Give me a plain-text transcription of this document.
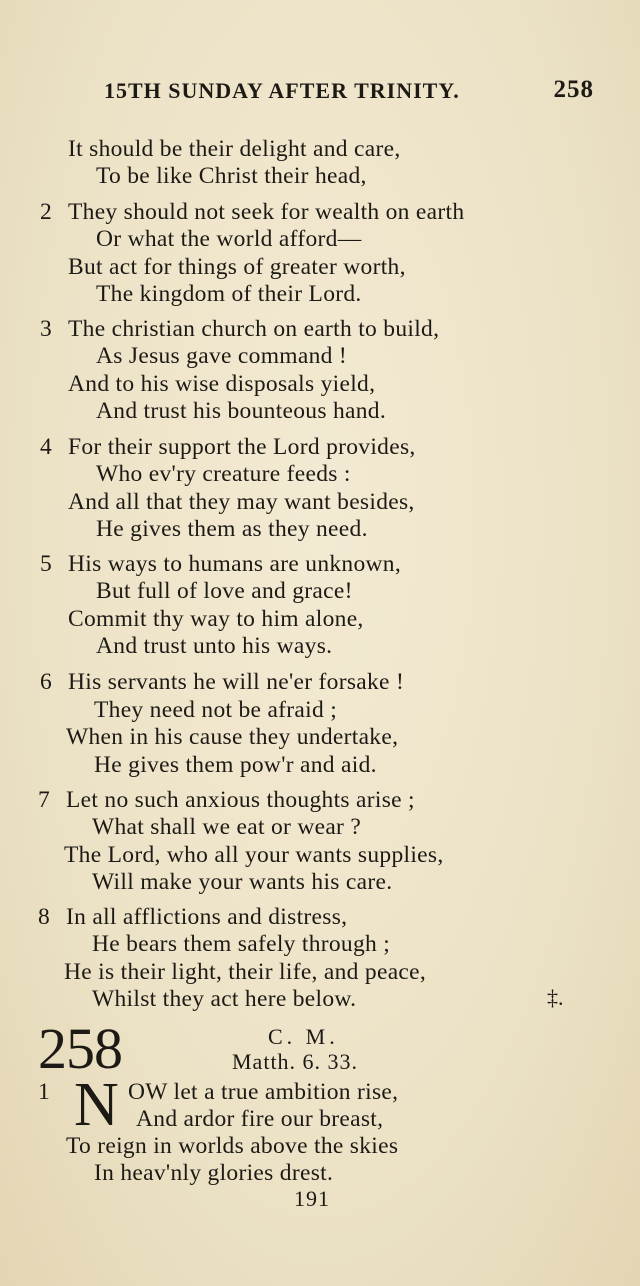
15TH SUNDAY AFTER TRINITY.	258
It should be their delight and care,
To be like Christ their head,
2 They should not seek for wealth on earth
Or what the world afford—
But act for things of greater worth,
The kingdom of their Lord.
3 The christian church on earth to build,
As Jesus gave command !
And to his wise disposals yield,
And trust his bounteous hand.
4 For their support the Lord provides,
Who ev'ry creature feeds :
And all that they may want besides,
He gives them as they need.
5 His ways to humans are unknown,
But full of love and grace!
Commit thy way to him alone,
And trust unto his ways.
6 His servants he will ne'er forsake !
They need not be afraid ;
When in his cause they undertake,
He gives them pow'r and aid.
7 Let no such anxious thoughts arise ;
What shall we eat or wear ?
The Lord, who all your wants supplies,
Will make your wants his care.
8 In all afflictions and distress,
He bears them safely through ;
He is their light, their life, and peace,
Whilst they act here below.	‡.
258	C. M.
Matth. 6. 33.
1 N OW let a true ambition rise,
And ardor fire our breast,
To reign in worlds above the skies
In heav'nly glories drest.
191
